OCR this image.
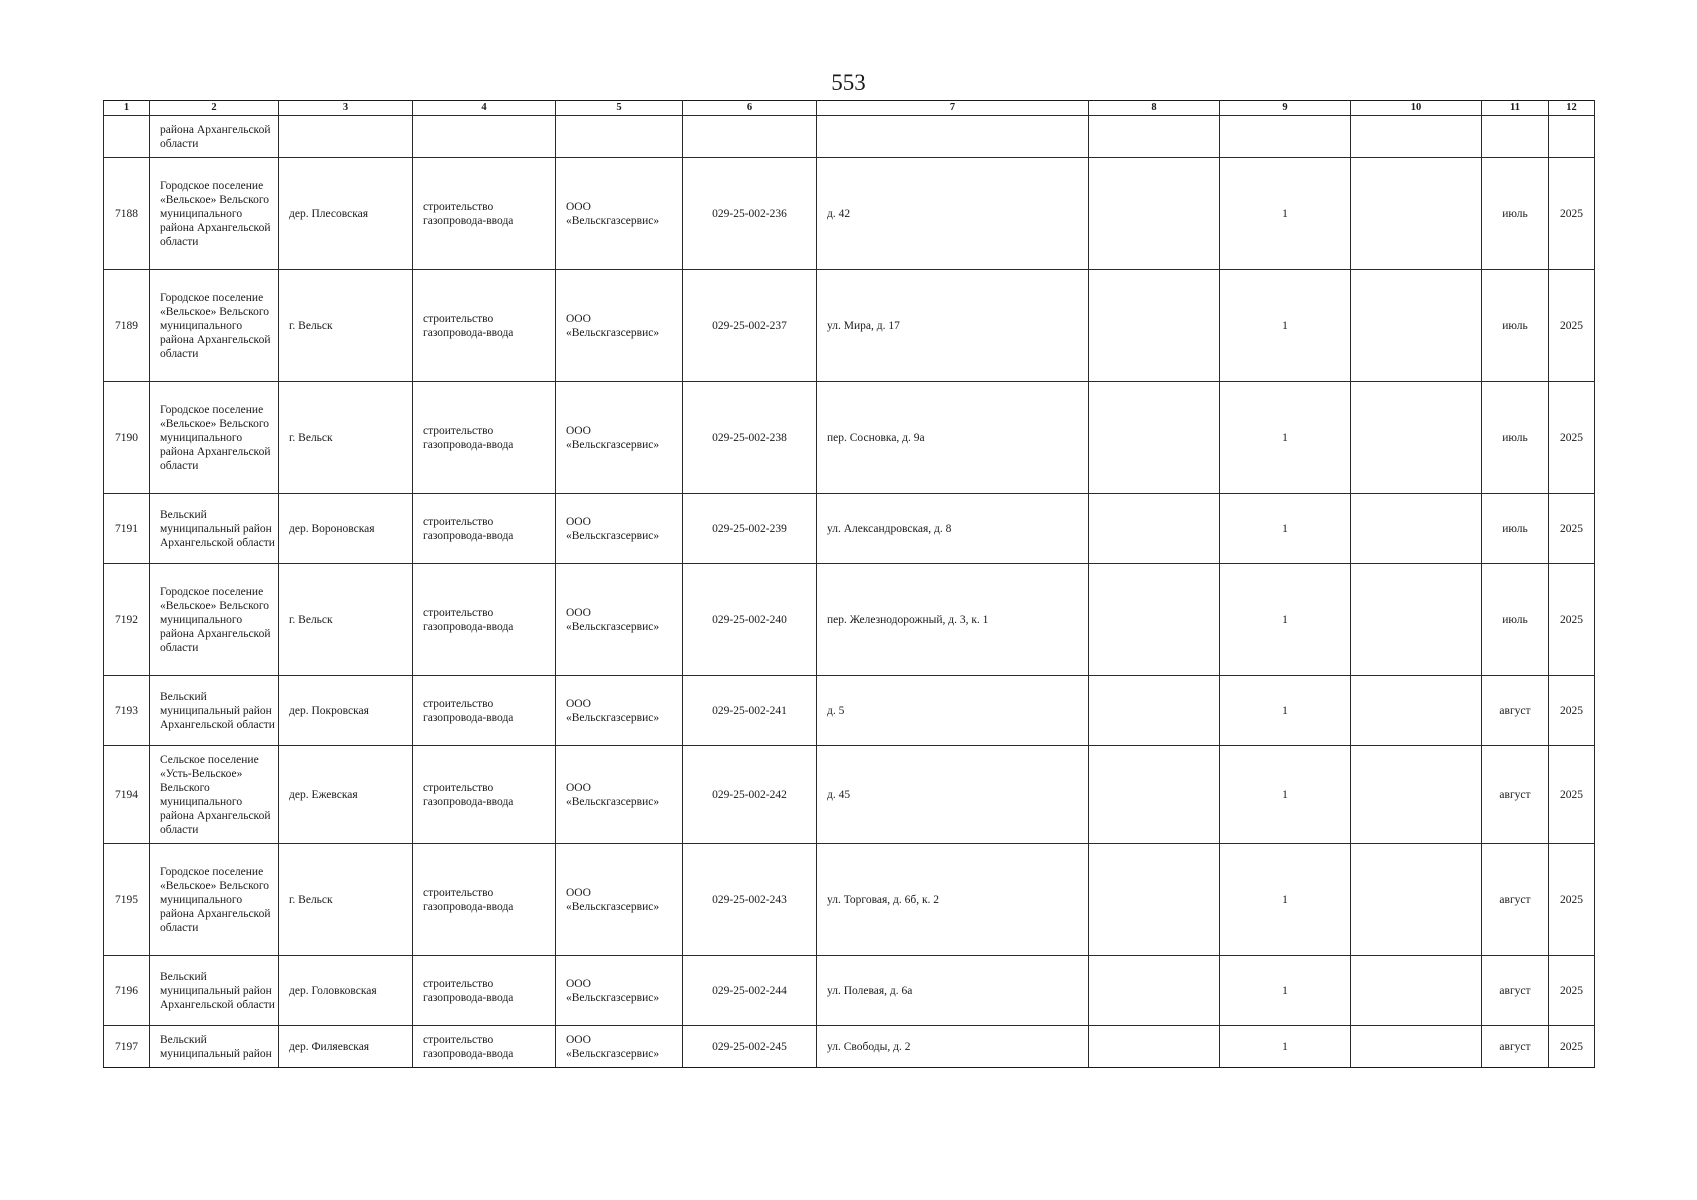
553
1	2	3	4	5	6	7	8	9	10	11	12
	района Архангельской области										
7188	Городское поселение «Вельское» Вельского муниципального района Архангельской области	дер. Плесовская	строительство газопровода-ввода	ООО «Вельскгазсервис»	029-25-002-236	д. 42		1		июль	2025
7189	Городское поселение «Вельское» Вельского муниципального района Архангельской области	г. Вельск	строительство газопровода-ввода	ООО «Вельскгазсервис»	029-25-002-237	ул. Мира, д. 17		1		июль	2025
7190	Городское поселение «Вельское» Вельского муниципального района Архангельской области	г. Вельск	строительство газопровода-ввода	ООО «Вельскгазсервис»	029-25-002-238	пер. Сосновка, д. 9а		1		июль	2025
7191	Вельский муниципальный район Архангельской области	дер. Вороновская	строительство газопровода-ввода	ООО «Вельскгазсервис»	029-25-002-239	ул. Александровская, д. 8		1		июль	2025
7192	Городское поселение «Вельское» Вельского муниципального района Архангельской области	г. Вельск	строительство газопровода-ввода	ООО «Вельскгазсервис»	029-25-002-240	пер. Железнодорожный, д. 3, к. 1		1		июль	2025
7193	Вельский муниципальный район Архангельской области	дер. Покровская	строительство газопровода-ввода	ООО «Вельскгазсервис»	029-25-002-241	д. 5		1		август	2025
7194	Сельское поселение «Усть-Вельское» Вельского муниципального района Архангельской области	дер. Ежевская	строительство газопровода-ввода	ООО «Вельскгазсервис»	029-25-002-242	д. 45		1		август	2025
7195	Городское поселение «Вельское» Вельского муниципального района Архангельской области	г. Вельск	строительство газопровода-ввода	ООО «Вельскгазсервис»	029-25-002-243	ул. Торговая, д. 6б, к. 2		1		август	2025
7196	Вельский муниципальный район Архангельской области	дер. Головковская	строительство газопровода-ввода	ООО «Вельскгазсервис»	029-25-002-244	ул. Полевая, д. 6а		1		август	2025
7197	Вельский муниципальный район	дер. Филяевская	строительство газопровода-ввода	ООО «Вельскгазсервис»	029-25-002-245	ул. Свободы, д. 2		1		август	2025
